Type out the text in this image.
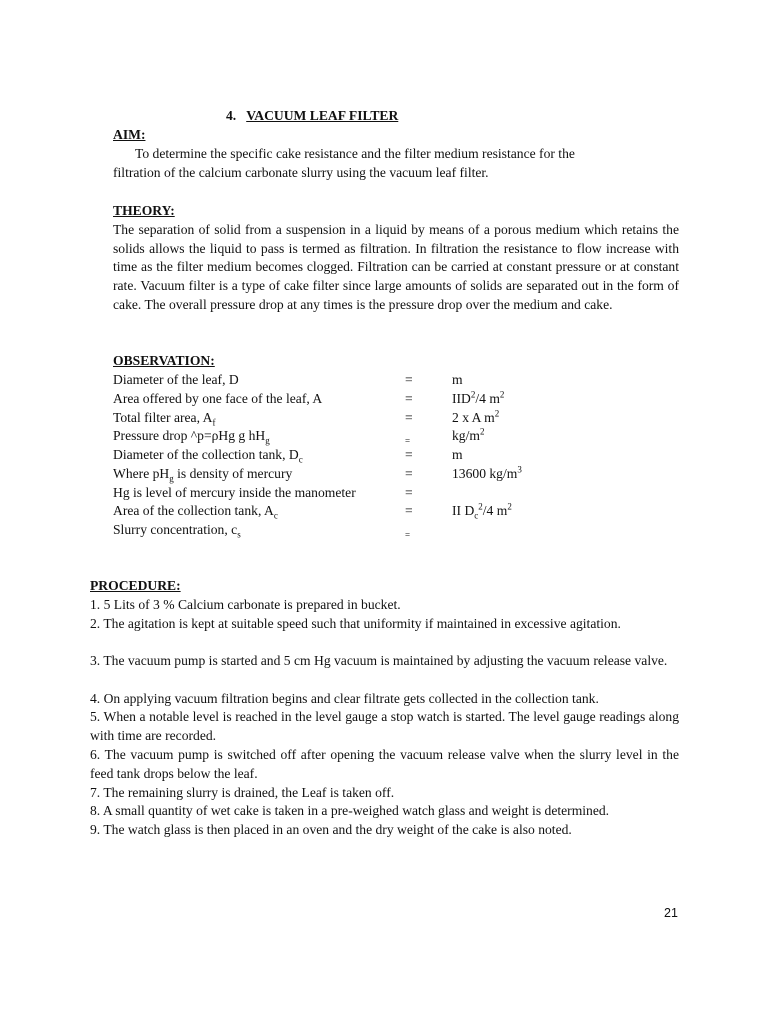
4. VACUUM LEAF FILTER
AIM:
To determine the specific cake resistance and the filter medium resistance for the
filtration of the calcium carbonate slurry using the vacuum leaf filter.
THEORY:
The separation of solid from a suspension in a liquid by means of a porous medium which retains the solids allows the liquid to pass is termed as filtration. In filtration the resistance to flow increase with time as the filter medium becomes clogged. Filtration can be carried at constant pressure or at constant rate. Vacuum filter is a type of cake filter since large amounts of solids are separated out in the form of cake. The overall pressure drop at any times is the pressure drop over the medium and cake.
OBSERVATION:
Diameter of the leaf, D	=	m
Area offered by one face of the leaf, A	=	$IID^2/4$ $m^2$
Total filter area, $A_f$	=	2 x A $m^2$
Pressure drop ^p=ρHg g $hH_g$	=	$kg/m^2$
Diameter of the collection tank, $D_c$	=	m
Where $pH_g$ is density of mercury	=	13600 $kg/m^3$
Hg is level of mercury inside the manometer	=
Area of the collection tank, $A_c$	=	II $D_c^2/4$ $m^2$
Slurry concentration, $c_s$	=
PROCEDURE:
1. 5 Lits of 3 % Calcium carbonate is prepared in bucket.
2. The agitation is kept at suitable speed such that uniformity if maintained in excessive agitation.
3. The vacuum pump is started and 5 cm Hg vacuum is maintained by adjusting the vacuum release valve.
4. On applying vacuum filtration begins and clear filtrate gets collected in the collection tank.
5. When a notable level is reached in the level gauge a stop watch is started. The level gauge readings along with time are recorded.
6. The vacuum pump is switched off after opening the vacuum release valve when the slurry level in the feed tank drops below the leaf.
7. The remaining slurry is drained, the Leaf is taken off.
8. A small quantity of wet cake is taken in a pre-weighed watch glass and weight is determined.
9. The watch glass is then placed in an oven and the dry weight of the cake is also noted.
21
